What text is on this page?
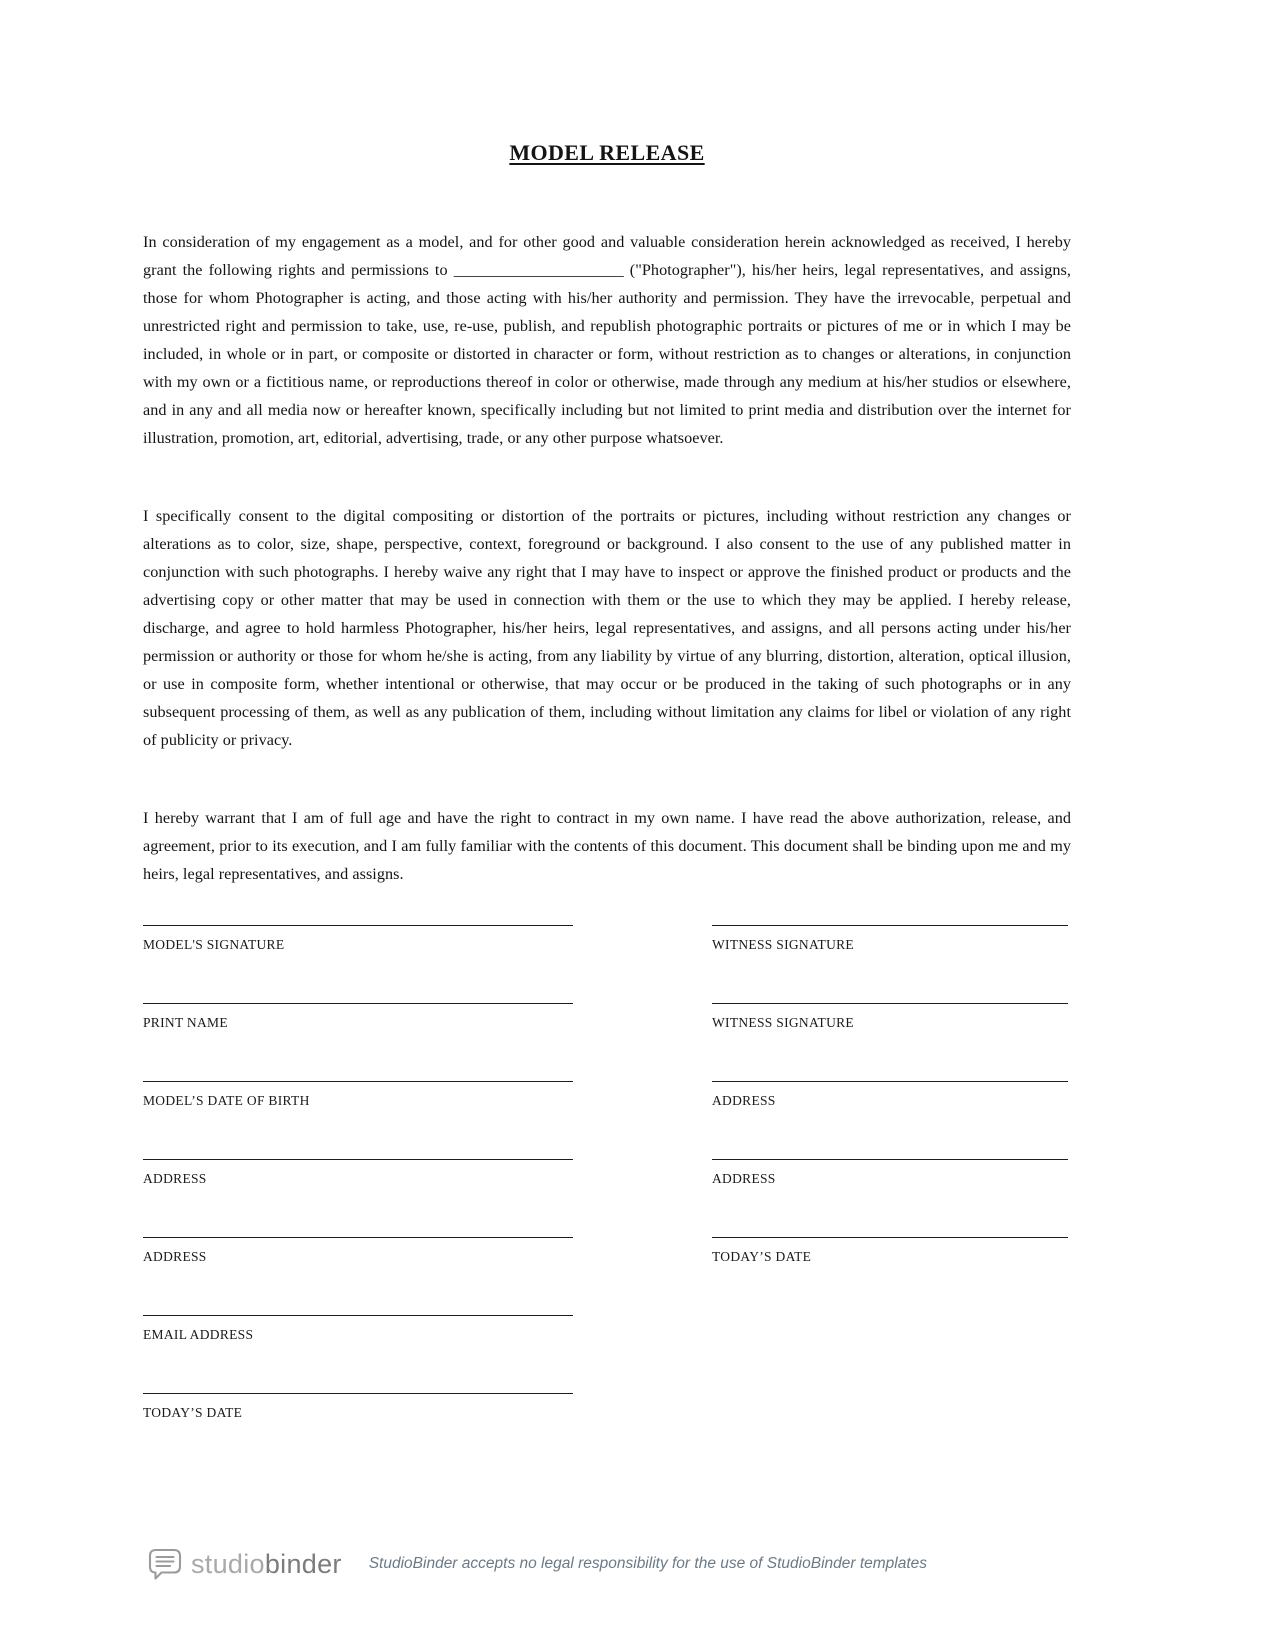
MODEL RELEASE

In consideration of my engagement as a model, and for other good and valuable consideration herein acknowledged as received, I hereby grant the following rights and permissions to _____________________ ("Photographer"), his/her heirs, legal representatives, and assigns, those for whom Photographer is acting, and those acting with his/her authority and permission. They have the irrevocable, perpetual and unrestricted right and permission to take, use, re-use, publish, and republish photographic portraits or pictures of me or in which I may be included, in whole or in part, or composite or distorted in character or form, without restriction as to changes or alterations, in conjunction with my own or a fictitious name, or reproductions thereof in color or otherwise, made through any medium at his/her studios or elsewhere, and in any and all media now or hereafter known, specifically including but not limited to print media and distribution over the internet for illustration, promotion, art, editorial, advertising, trade, or any other purpose whatsoever.

I specifically consent to the digital compositing or distortion of the portraits or pictures, including without restriction any changes or alterations as to color, size, shape, perspective, context, foreground or background. I also consent to the use of any published matter in conjunction with such photographs. I hereby waive any right that I may have to inspect or approve the finished product or products and the advertising copy or other matter that may be used in connection with them or the use to which they may be applied. I hereby release, discharge, and agree to hold harmless Photographer, his/her heirs, legal representatives, and assigns, and all persons acting under his/her permission or authority or those for whom he/she is acting, from any liability by virtue of any blurring, distortion, alteration, optical illusion, or use in composite form, whether intentional or otherwise, that may occur or be produced in the taking of such photographs or in any subsequent processing of them, as well as any publication of them, including without limitation any claims for libel or violation of any right of publicity or privacy.

I hereby warrant that I am of full age and have the right to contract in my own name. I have read the above authorization, release, and agreement, prior to its execution, and I am fully familiar with the contents of this document. This document shall be binding upon me and my heirs, legal representatives, and assigns.

MODEL'S SIGNATURE
PRINT NAME
MODEL’S DATE OF BIRTH
ADDRESS
ADDRESS
EMAIL ADDRESS
TODAY’S DATE
WITNESS SIGNATURE
WITNESS SIGNATURE
ADDRESS
ADDRESS
TODAY’S DATE
studiobinder StudioBinder accepts no legal responsibility for the use of StudioBinder templates
